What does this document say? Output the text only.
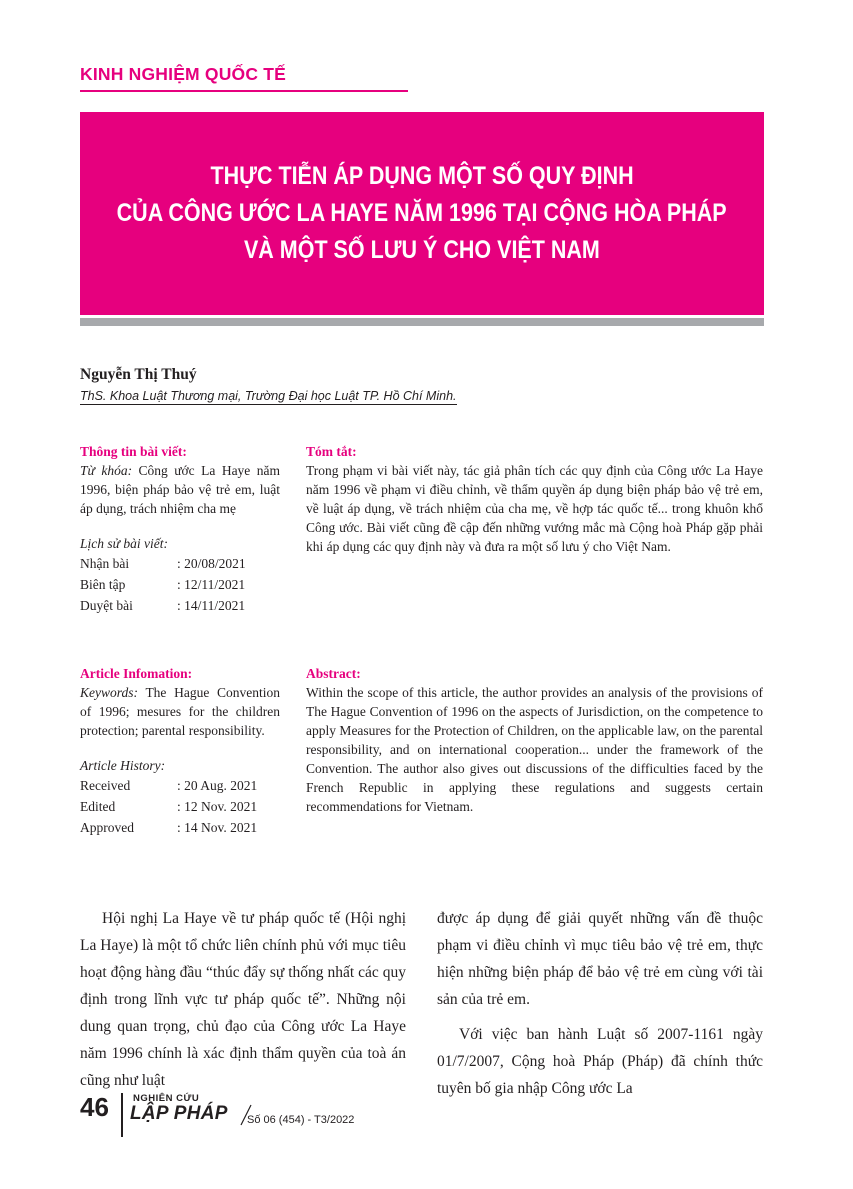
KINH NGHIỆM QUỐC TẾ
THỰC TIỄN ÁP DỤNG MỘT SỐ QUY ĐỊNH
CỦA CÔNG ƯỚC LA HAYE NĂM 1996 TẠI CỘNG HÒA PHÁP
VÀ MỘT SỐ LƯU Ý CHO VIỆT NAM
Nguyễn Thị Thuý
ThS. Khoa Luật Thương mại, Trường Đại học Luật TP. Hồ Chí Minh.
Thông tin bài viết:
Từ khóa: Công ước La Haye năm 1996, biện pháp bảo vệ trẻ em, luật áp dụng, trách nhiệm cha mẹ
Lịch sử bài viết:
Nhận bài	: 20/08/2021
Biên tập	: 12/11/2021
Duyệt bài	: 14/11/2021
Tóm tắt:
Trong phạm vi bài viết này, tác giả phân tích các quy định của Công ước La Haye năm 1996 về phạm vi điều chỉnh, về thẩm quyền áp dụng biện pháp bảo vệ trẻ em, về luật áp dụng, về trách nhiệm của cha mẹ, về hợp tác quốc tế... trong khuôn khổ Công ước. Bài viết cũng đề cập đến những vướng mắc mà Cộng hoà Pháp gặp phải khi áp dụng các quy định này và đưa ra một số lưu ý cho Việt Nam.
Article Infomation:
Keywords: The Hague Convention of 1996; mesures for the children protection; parental responsibility.
Article History:
Received	: 20 Aug. 2021
Edited	: 12 Nov. 2021
Approved	: 14 Nov. 2021
Abstract:
Within the scope of this article, the author provides an analysis of the provisions of The Hague Convention of 1996 on the aspects of Jurisdiction, on the competence to apply Measures for the Protection of Children, on the applicable law, on the parental responsibility, and on international cooperation... under the framework of the Convention. The author also gives out discussions of the difficulties faced by the French Republic in applying these regulations and suggests certain recommendations for Vietnam.
Hội nghị La Haye về tư pháp quốc tế (Hội nghị La Haye) là một tổ chức liên chính phủ với mục tiêu hoạt động hàng đầu “thúc đẩy sự thống nhất các quy định trong lĩnh vực tư pháp quốc tế”. Những nội dung quan trọng, chủ đạo của Công ước La Haye năm 1996 chính là xác định thẩm quyền của toà án cũng như luật
được áp dụng để giải quyết những vấn đề thuộc phạm vi điều chỉnh vì mục tiêu bảo vệ trẻ em, thực hiện những biện pháp để bảo vệ trẻ em cùng với tài sản của trẻ em.
Với việc ban hành Luật số 2007-1161 ngày 01/7/2007, Cộng hoà Pháp (Pháp) đã chính thức tuyên bố gia nhập Công ước La
46	NGHIÊN CỨU
LẬP PHÁP Số 06 (454) - T3/2022
